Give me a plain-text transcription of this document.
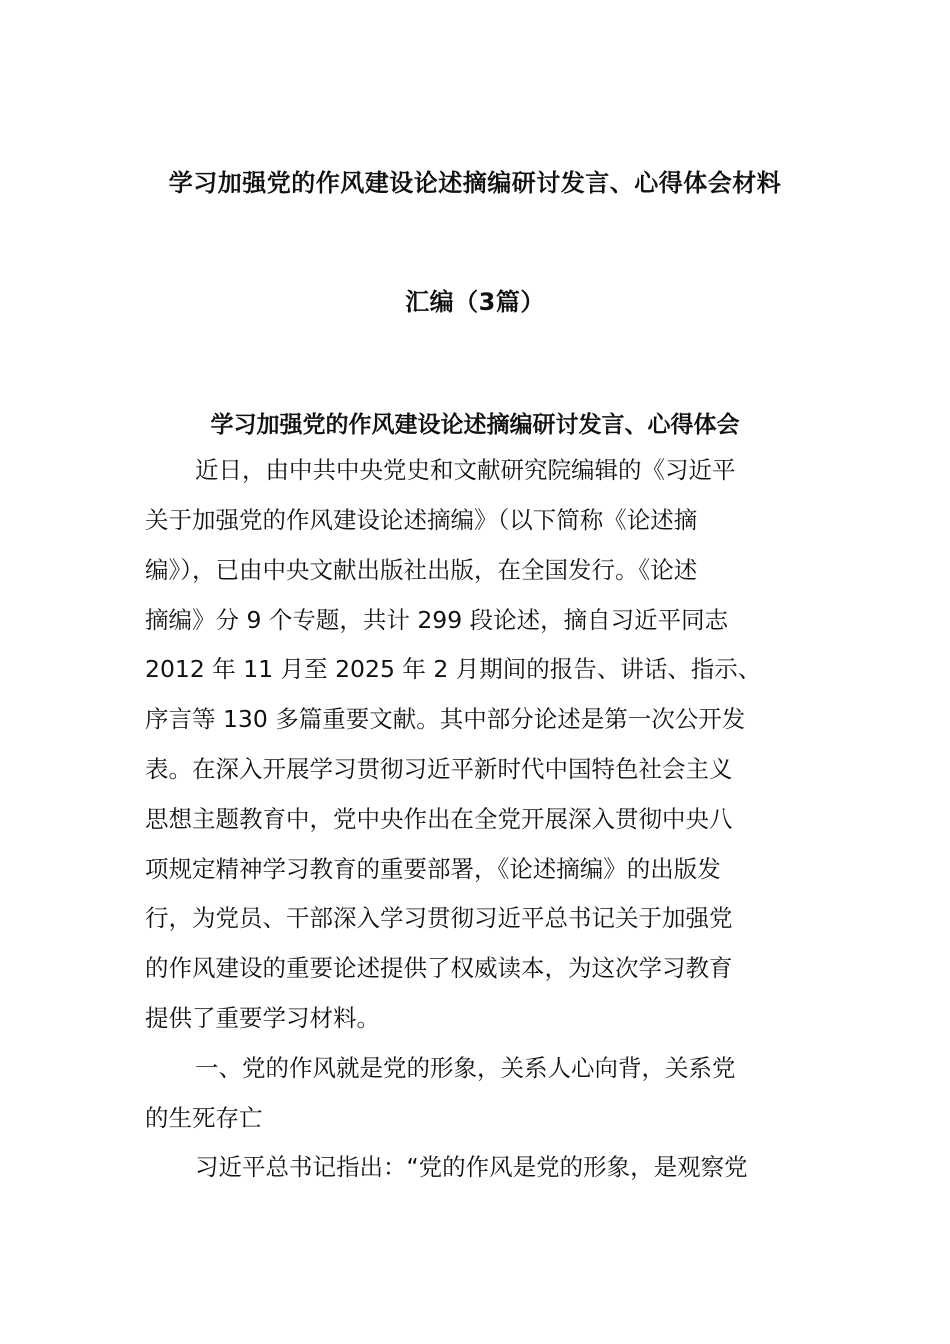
学习加强党的作风建设论述摘编研讨发言、心得体会材料
汇编（3篇）
学习加强党的作风建设论述摘编研讨发言、心得体会
近日，由中共中央党史和文献研究院编辑的《习近平
关于加强党的作风建设论述摘编》（以下简称《论述摘
编》），已由中央文献出版社出版，在全国发行。《论述
摘编》分 9 个专题，共计 299 段论述，摘自习近平同志
2012 年 11 月至 2025 年 2 月期间的报告、讲话、指示、
序言等 130 多篇重要文献。其中部分论述是第一次公开发
表。在深入开展学习贯彻习近平新时代中国特色社会主义
思想主题教育中，党中央作出在全党开展深入贯彻中央八
项规定精神学习教育的重要部署，《论述摘编》的出版发
行，为党员、干部深入学习贯彻习近平总书记关于加强党
的作风建设的重要论述提供了权威读本，为这次学习教育
提供了重要学习材料。
一、党的作风就是党的形象，关系人心向背，关系党
的生死存亡
习近平总书记指出：“党的作风是党的形象，是观察党
